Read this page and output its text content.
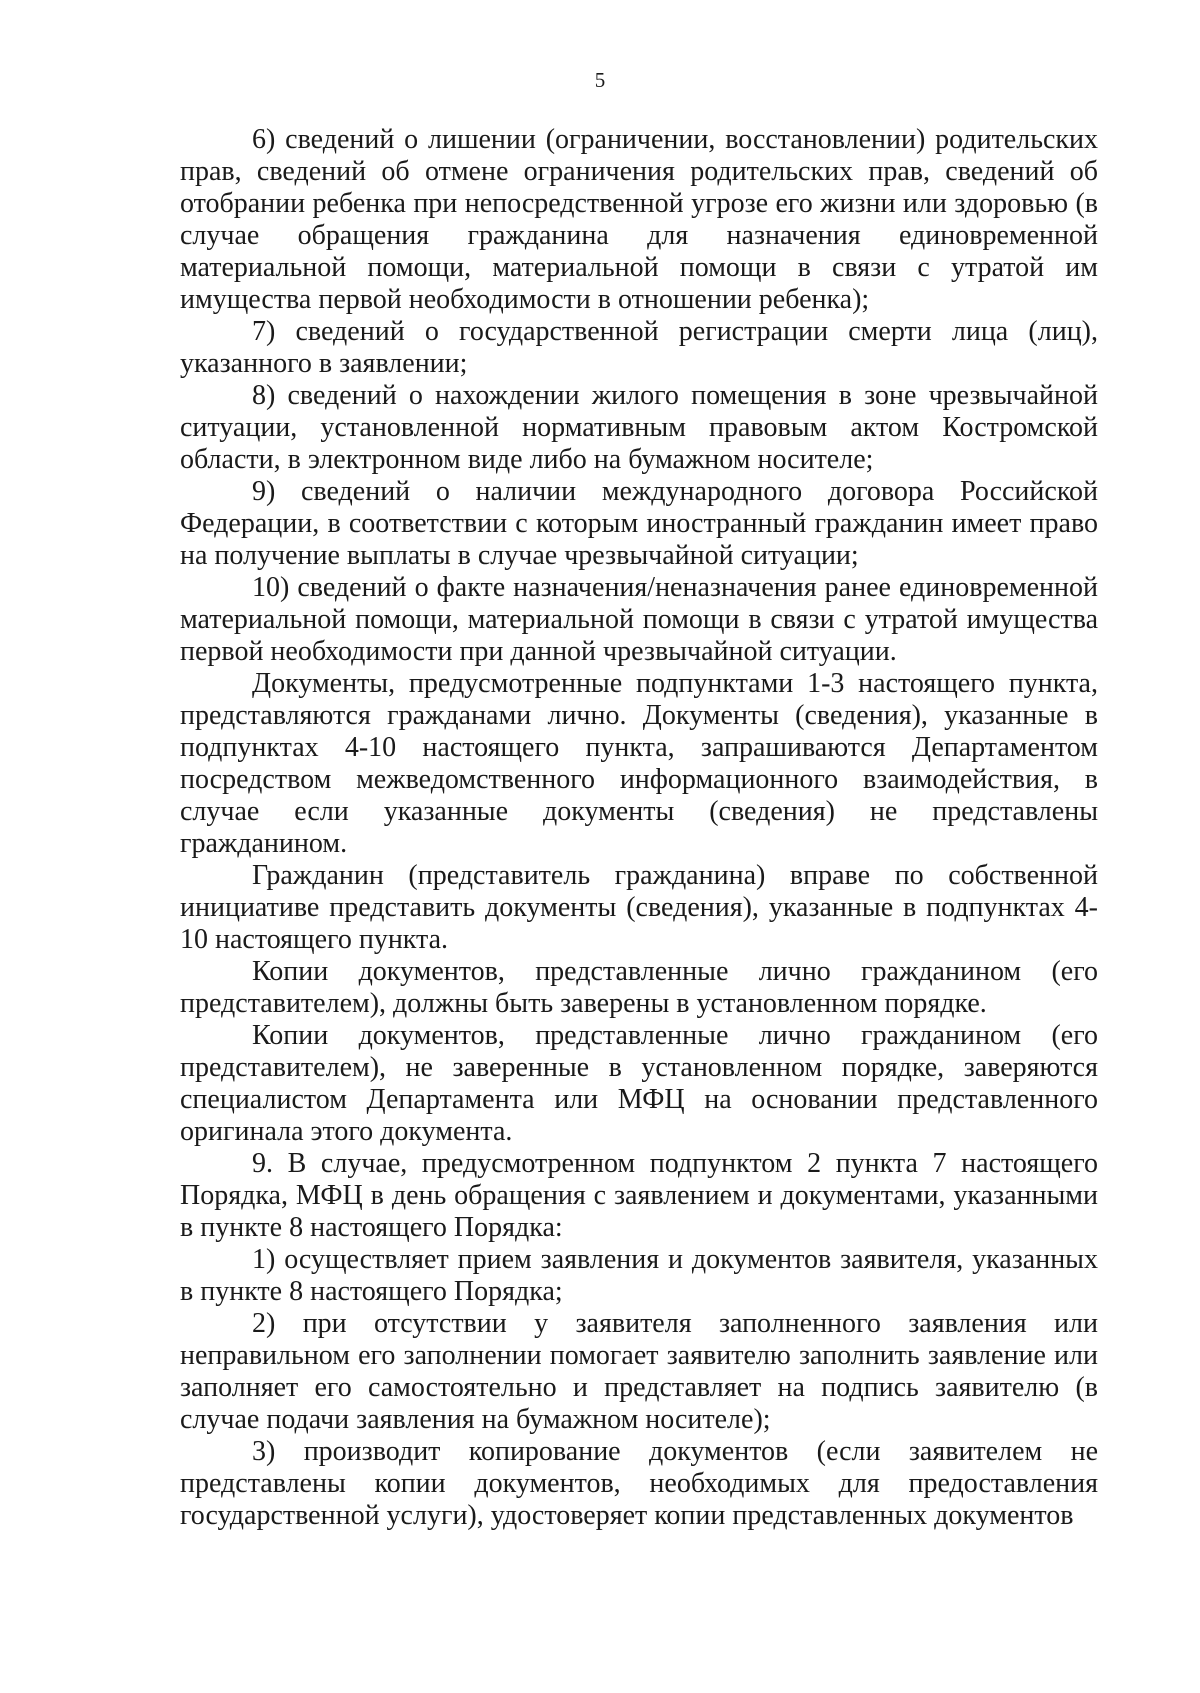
5

6) сведений о лишении (ограничении, восстановлении) родительских прав, сведений об отмене ограничения родительских прав, сведений об отобрании ребенка при непосредственной угрозе его жизни или здоровью (в случае обращения гражданина для назначения единовременной материальной помощи, материальной помощи в связи с утратой им имущества первой необходимости в отношении ребенка);

7) сведений о государственной регистрации смерти лица (лиц), указанного в заявлении;

8) сведений о нахождении жилого помещения в зоне чрезвычайной ситуации, установленной нормативным правовым актом Костромской области, в электронном виде либо на бумажном носителе;

9) сведений о наличии международного договора Российской Федерации, в соответствии с которым иностранный гражданин имеет право на получение выплаты в случае чрезвычайной ситуации;

10) сведений о факте назначения/неназначения ранее единовременной материальной помощи, материальной помощи в связи с утратой имущества первой необходимости при данной чрезвычайной ситуации.

Документы, предусмотренные подпунктами 1-3 настоящего пункта, представляются гражданами лично. Документы (сведения), указанные в подпунктах 4-10 настоящего пункта, запрашиваются Департаментом посредством межведомственного информационного взаимодействия, в случае если указанные документы (сведения) не представлены гражданином.

Гражданин (представитель гражданина) вправе по собственной инициативе представить документы (сведения), указанные в подпунктах 4-10 настоящего пункта.

Копии документов, представленные лично гражданином (его представителем), должны быть заверены в установленном порядке.

Копии документов, представленные лично гражданином (его представителем), не заверенные в установленном порядке, заверяются специалистом Департамента или МФЦ на основании представленного оригинала этого документа.

9. В случае, предусмотренном подпунктом 2 пункта 7 настоящего Порядка, МФЦ в день обращения с заявлением и документами, указанными в пункте 8 настоящего Порядка:

1) осуществляет прием заявления и документов заявителя, указанных в пункте 8 настоящего Порядка;

2) при отсутствии у заявителя заполненного заявления или неправильном его заполнении помогает заявителю заполнить заявление или заполняет его самостоятельно и представляет на подпись заявителю (в случае подачи заявления на бумажном носителе);

3) производит копирование документов (если заявителем не представлены копии документов, необходимых для предоставления государственной услуги), удостоверяет копии представленных документов
